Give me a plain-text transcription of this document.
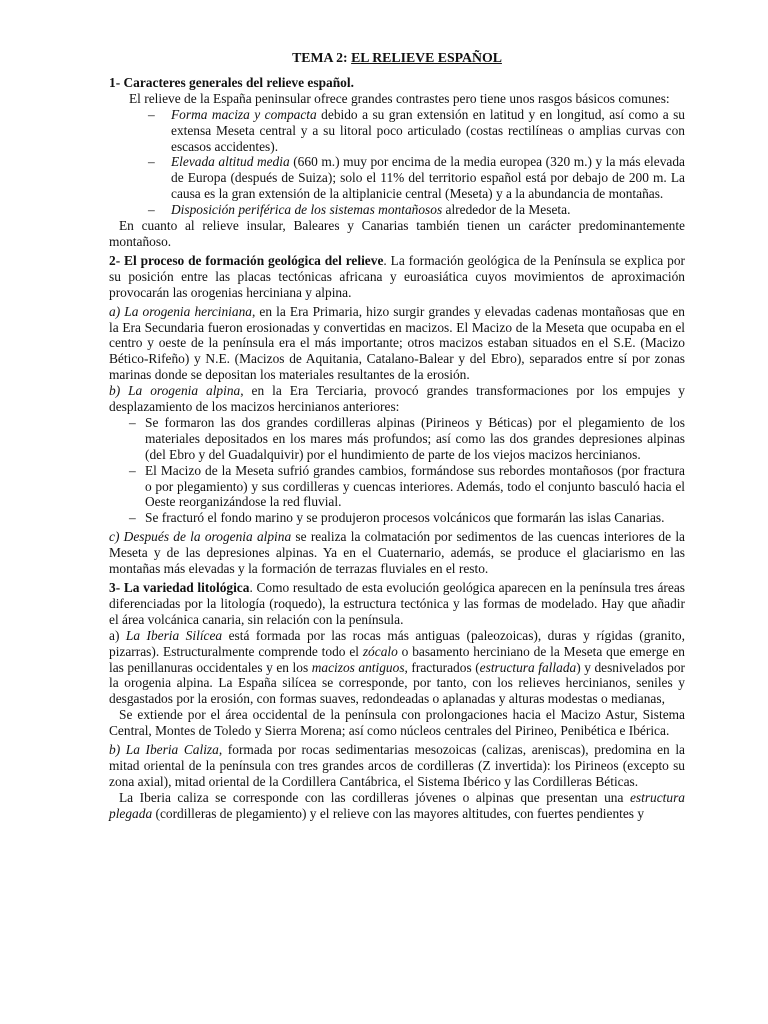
TEMA 2: EL RELIEVE ESPAÑOL

1- Caracteres generales del relieve español.

El relieve de la España peninsular ofrece grandes contrastes pero tiene unos rasgos básicos comunes:

– Forma maciza y compacta debido a su gran extensión en latitud y en longitud, así como a su extensa Meseta central y a su litoral poco articulado (costas rectilíneas o amplias curvas con escasos accidentes).
– Elevada altitud media (660 m.) muy por encima de la media europea (320 m.) y la más elevada de Europa (después de Suiza); solo el 11% del territorio español está por debajo de 200 m. La causa es la gran extensión de la altiplanicie central (Meseta) y a la abundancia de montañas.
– Disposición periférica de los sistemas montañosos alrededor de la Meseta.

En cuanto al relieve insular, Baleares y Canarias también tienen un carácter predominantemente montañoso.

2- El proceso de formación geológica del relieve. La formación geológica de la Península se explica por su posición entre las placas tectónicas africana y euroasiática cuyos movimientos de aproximación provocarán las orogenias herciniana y alpina.

a) La orogenia herciniana, en la Era Primaria, hizo surgir grandes y elevadas cadenas montañosas que en la Era Secundaria fueron erosionadas y convertidas en macizos. El Macizo de la Meseta que ocupaba en el centro y oeste de la península era el más importante; otros macizos estaban situados en el S.E. (Macizo Bético-Rifeño) y N.E. (Macizos de Aquitania, Catalano-Balear y del Ebro), separados entre sí por zonas marinas donde se depositan los materiales resultantes de la erosión.

b) La orogenia alpina, en la Era Terciaria, provocó grandes transformaciones por los empujes y desplazamiento de los macizos hercinianos anteriores:

– Se formaron las dos grandes cordilleras alpinas (Pirineos y Béticas) por el plegamiento de los materiales depositados en los mares más profundos; así como las dos grandes depresiones alpinas (del Ebro y del Guadalquivir) por el hundimiento de parte de los viejos macizos hercinianos.
– El Macizo de la Meseta sufrió grandes cambios, formándose sus rebordes montañosos (por fractura o por plegamiento) y sus cordilleras y cuencas interiores. Además, todo el conjunto basculó hacia el Oeste reorganizándose la red fluvial.
– Se fracturó el fondo marino y se produjeron procesos volcánicos que formarán las islas Canarias.

c) Después de la orogenia alpina se realiza la colmatación por sedimentos de las cuencas interiores de la Meseta y de las depresiones alpinas. Ya en el Cuaternario, además, se produce el glaciarismo en las montañas más elevadas y la formación de terrazas fluviales en el resto.

3- La variedad litológica. Como resultado de esta evolución geológica aparecen en la península tres áreas diferenciadas por la litología (roquedo), la estructura tectónica y las formas de modelado. Hay que añadir el área volcánica canaria, sin relación con la península.

a) La Iberia Silícea está formada por las rocas más antiguas (paleozoicas), duras y rígidas (granito, pizarras). Estructuralmente comprende todo el zócalo o basamento herciniano de la Meseta que emerge en las penillanuras occidentales y en los macizos antiguos, fracturados (estructura fallada) y desnivelados por la orogenia alpina. La España silícea se corresponde, por tanto, con los relieves hercinianos, seniles y desgastados por la erosión, con formas suaves, redondeadas o aplanadas y alturas modestas o medianas,

Se extiende por el área occidental de la península con prolongaciones hacia el Macizo Astur, Sistema Central, Montes de Toledo y Sierra Morena; así como núcleos centrales del Pirineo, Penibética e Ibérica.

b) La Iberia Caliza, formada por rocas sedimentarias mesozoicas (calizas, areniscas), predomina en la mitad oriental de la península con tres grandes arcos de cordilleras (Z invertida): los Pirineos (excepto su zona axial), mitad oriental de la Cordillera Cantábrica, el Sistema Ibérico y las Cordilleras Béticas.

La Iberia caliza se corresponde con las cordilleras jóvenes o alpinas que presentan una estructura plegada (cordilleras de plegamiento) y el relieve con las mayores altitudes, con fuertes pendientes y
